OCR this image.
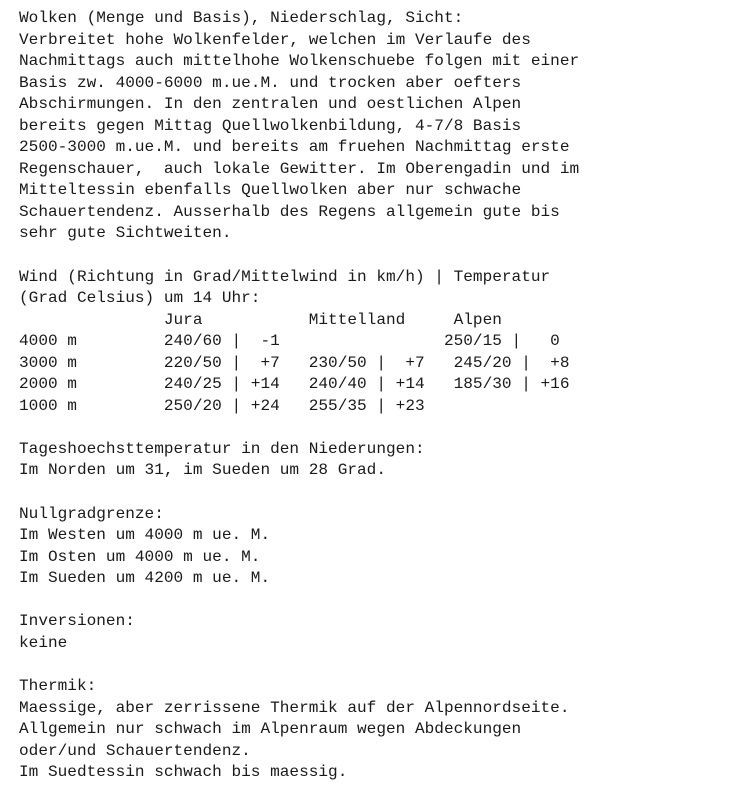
Wolken (Menge und Basis), Niederschlag, Sicht:
Verbreitet hohe Wolkenfelder, welchen im Verlaufe des
Nachmittags auch mittelhohe Wolkenschuebe folgen mit einer
Basis zw. 4000-6000 m.ue.M. und trocken aber oefters
Abschirmungen. In den zentralen und oestlichen Alpen
bereits gegen Mittag Quellwolkenbildung, 4-7/8 Basis
2500-3000 m.ue.M. und bereits am fruehen Nachmittag erste
Regenschauer,  auch lokale Gewitter. Im Oberengadin und im
Mitteltessin ebenfalls Quellwolken aber nur schwache
Schauertendenz. Ausserhalb des Regens allgemein gute bis
sehr gute Sichtweiten.
Wind (Richtung in Grad/Mittelwind in km/h) | Temperatur
(Grad Celsius) um 14 Uhr:
Jura           Mittelland     Alpen
4000 m         240/60 |  -1                 250/15 |   0
3000 m         220/50 |  +7   230/50 |  +7   245/20 |  +8
2000 m         240/25 | +14   240/40 | +14   185/30 | +16
1000 m         250/20 | +24   255/35 | +23
Tageshoechsttemperatur in den Niederungen:
Im Norden um 31, im Sueden um 28 Grad.
Nullgradgrenze:
Im Westen um 4000 m ue. M.
Im Osten um 4000 m ue. M.
Im Sueden um 4200 m ue. M.
Inversionen:
keine
Thermik:
Maessige, aber zerrissene Thermik auf der Alpennordseite.
Allgemein nur schwach im Alpenraum wegen Abdeckungen
oder/und Schauertendenz.
Im Suedtessin schwach bis maessig.
